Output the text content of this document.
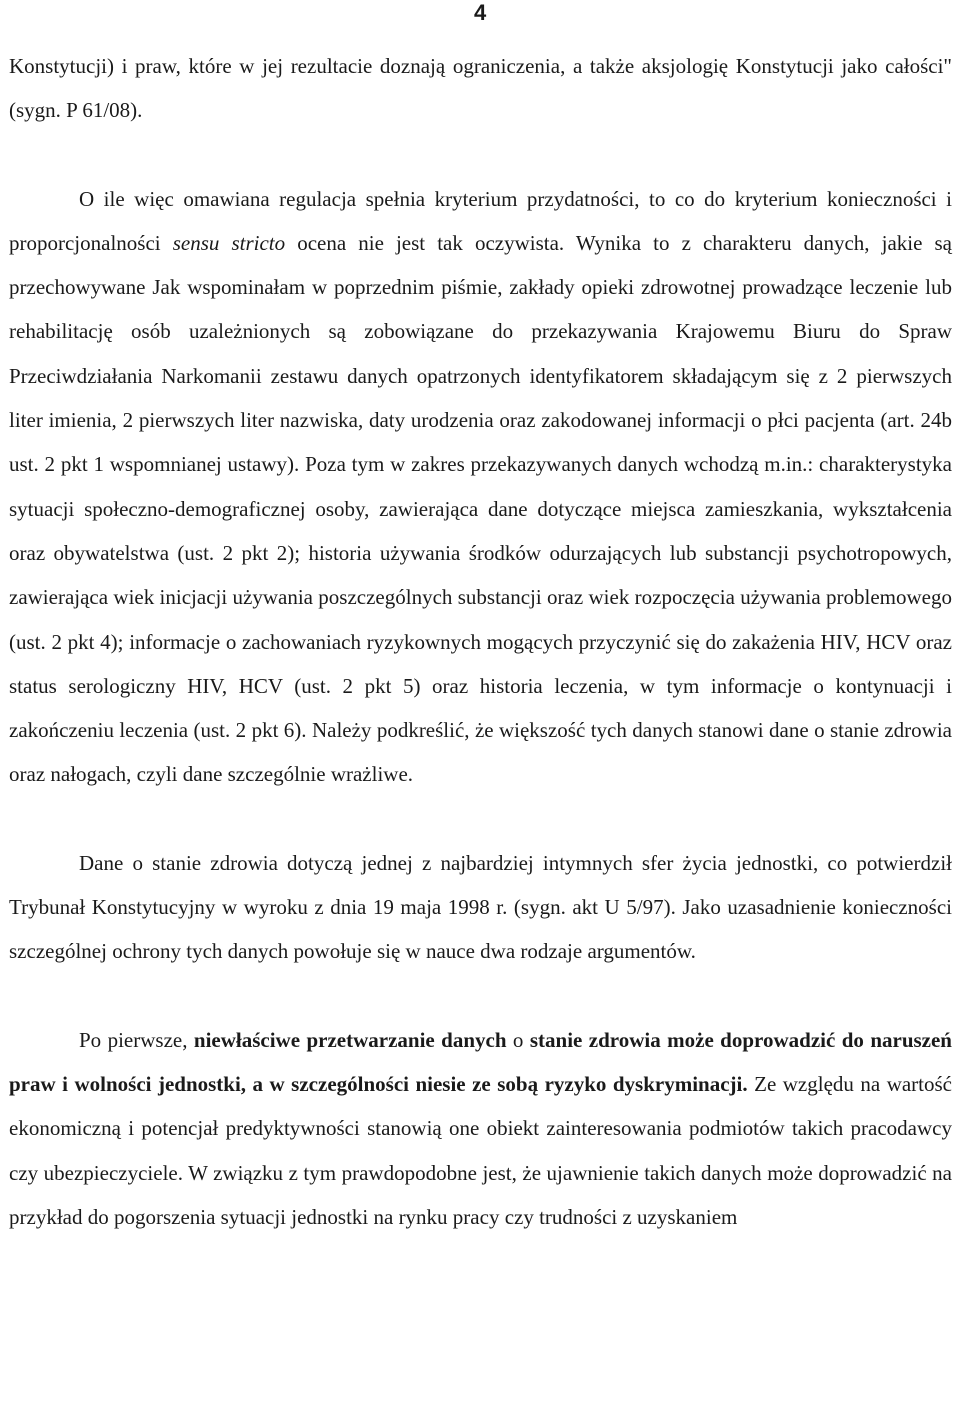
4

Konstytucji) i praw, które w jej rezultacie doznają ograniczenia, a także aksjologię Konstytucji jako całości" (sygn. P 61/08).

O ile więc omawiana regulacja spełnia kryterium przydatności, to co do kryterium konieczności i proporcjonalności sensu stricto ocena nie jest tak oczywista. Wynika to z charakteru danych, jakie są przechowywane Jak wspominałam w poprzednim piśmie, zakłady opieki zdrowotnej prowadzące leczenie lub rehabilitację osób uzależnionych są zobowiązane do przekazywania Krajowemu Biuru do Spraw Przeciwdziałania Narkomanii zestawu danych opatrzonych identyfikatorem składającym się z 2 pierwszych liter imienia, 2 pierwszych liter nazwiska, daty urodzenia oraz zakodowanej informacji o płci pacjenta (art. 24b ust. 2 pkt 1 wspomnianej ustawy). Poza tym w zakres przekazywanych danych wchodzą m.in.: charakterystyka sytuacji społeczno-demograficznej osoby, zawierająca dane dotyczące miejsca zamieszkania, wykształcenia oraz obywatelstwa (ust. 2 pkt 2); historia używania środków odurzających lub substancji psychotropowych, zawierająca wiek inicjacji używania poszczególnych substancji oraz wiek rozpoczęcia używania problemowego (ust. 2 pkt 4); informacje o zachowaniach ryzykownych mogących przyczynić się do zakażenia HIV, HCV oraz status serologiczny HIV, HCV (ust. 2 pkt 5) oraz historia leczenia, w tym informacje o kontynuacji i zakończeniu leczenia (ust. 2 pkt 6). Należy podkreślić, że większość tych danych stanowi dane o stanie zdrowia oraz nałogach, czyli dane szczególnie wrażliwe.

Dane o stanie zdrowia dotyczą jednej z najbardziej intymnych sfer życia jednostki, co potwierdził Trybunał Konstytucyjny w wyroku z dnia 19 maja 1998 r. (sygn. akt U 5/97). Jako uzasadnienie konieczności szczególnej ochrony tych danych powołuje się w nauce dwa rodzaje argumentów.

Po pierwsze, niewłaściwe przetwarzanie danych o stanie zdrowia może doprowadzić do naruszeń praw i wolności jednostki, a w szczególności niesie ze sobą ryzyko dyskryminacji. Ze względu na wartość ekonomiczną i potencjał predyktywności stanowią one obiekt zainteresowania podmiotów takich pracodawcy czy ubezpieczyciele. W związku z tym prawdopodobne jest, że ujawnienie takich danych może doprowadzić na przykład do pogorszenia sytuacji jednostki na rynku pracy czy trudności z uzyskaniem
